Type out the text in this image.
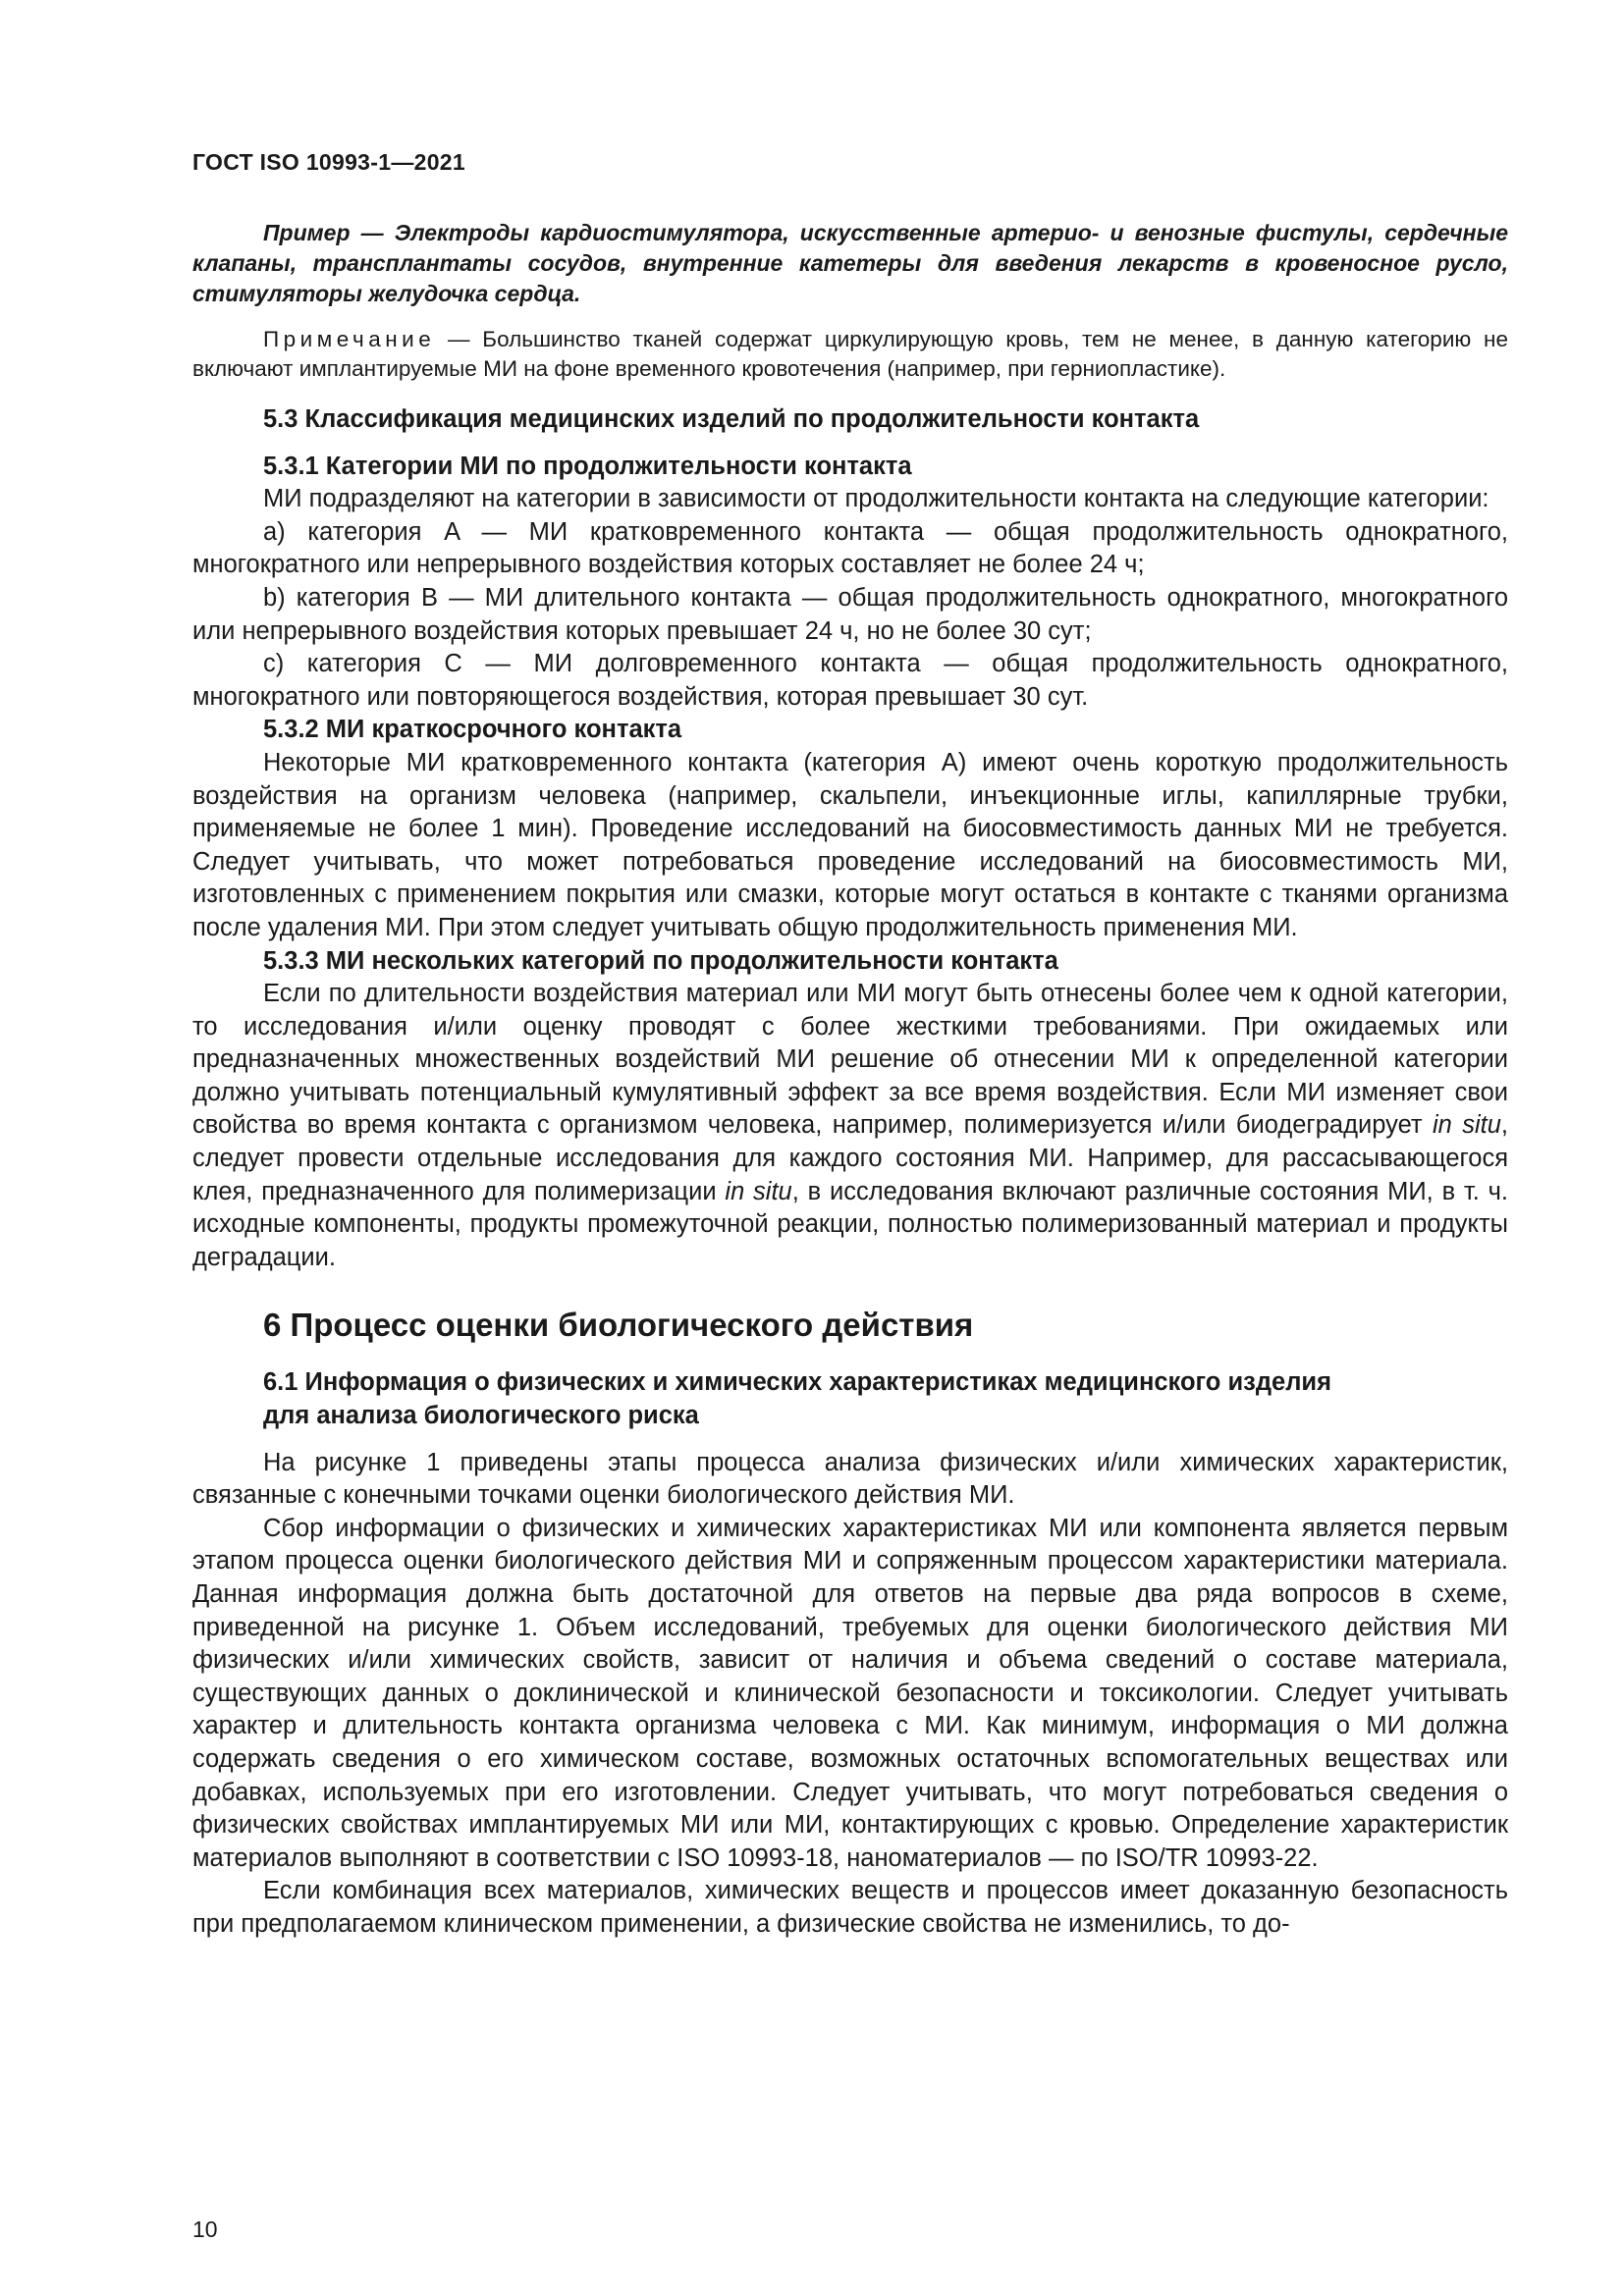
ГОСТ ISO 10993-1—2021

Пример — Электроды кардиостимулятора, искусственные артерио- и венозные фистулы, сердечные клапаны, трансплантаты сосудов, внутренние катетеры для введения лекарств в кровеносное русло, стимуляторы желудочка сердца.

Примечание — Большинство тканей содержат циркулирующую кровь, тем не менее, в данную категорию не включают имплантируемые МИ на фоне временного кровотечения (например, при герниопластике).

5.3 Классификация медицинских изделий по продолжительности контакта

5.3.1 Категории МИ по продолжительности контакта

МИ подразделяют на категории в зависимости от продолжительности контакта на следующие категории:

a) категория A — МИ кратковременного контакта — общая продолжительность однократного, многократного или непрерывного воздействия которых составляет не более 24 ч;

b) категория B — МИ длительного контакта — общая продолжительность однократного, многократного или непрерывного воздействия которых превышает 24 ч, но не более 30 сут;

c) категория C — МИ долговременного контакта — общая продолжительность однократного, многократного или повторяющегося воздействия, которая превышает 30 сут.

5.3.2 МИ краткосрочного контакта

Некоторые МИ кратковременного контакта (категория A) имеют очень короткую продолжительность воздействия на организм человека (например, скальпели, инъекционные иглы, капиллярные трубки, применяемые не более 1 мин). Проведение исследований на биосовместимость данных МИ не требуется. Следует учитывать, что может потребоваться проведение исследований на биосовместимость МИ, изготовленных с применением покрытия или смазки, которые могут остаться в контакте с тканями организма после удаления МИ. При этом следует учитывать общую продолжительность применения МИ.

5.3.3 МИ нескольких категорий по продолжительности контакта

Если по длительности воздействия материал или МИ могут быть отнесены более чем к одной категории, то исследования и/или оценку проводят с более жесткими требованиями. При ожидаемых или предназначенных множественных воздействий МИ решение об отнесении МИ к определенной категории должно учитывать потенциальный кумулятивный эффект за все время воздействия. Если МИ изменяет свои свойства во время контакта с организмом человека, например, полимеризуется и/или биодеградирует in situ, следует провести отдельные исследования для каждого состояния МИ. Например, для рассасывающегося клея, предназначенного для полимеризации in situ, в исследования включают различные состояния МИ, в т. ч. исходные компоненты, продукты промежуточной реакции, полностью полимеризованный материал и продукты деградации.

6 Процесс оценки биологического действия

6.1 Информация о физических и химических характеристиках медицинского изделия
для анализа биологического риска

На рисунке 1 приведены этапы процесса анализа физических и/или химических характеристик, связанные с конечными точками оценки биологического действия МИ.

Сбор информации о физических и химических характеристиках МИ или компонента является первым этапом процесса оценки биологического действия МИ и сопряженным процессом характеристики материала. Данная информация должна быть достаточной для ответов на первые два ряда вопросов в схеме, приведенной на рисунке 1. Объем исследований, требуемых для оценки биологического действия МИ физических и/или химических свойств, зависит от наличия и объема сведений о составе материала, существующих данных о доклинической и клинической безопасности и токсикологии. Следует учитывать характер и длительность контакта организма человека с МИ. Как минимум, информация о МИ должна содержать сведения о его химическом составе, возможных остаточных вспомогательных веществах или добавках, используемых при его изготовлении. Следует учитывать, что могут потребоваться сведения о физических свойствах имплантируемых МИ или МИ, контактирующих с кровью. Определение характеристик материалов выполняют в соответствии с ISO 10993-18, наноматериалов — по ISO/TR 10993-22.

Если комбинация всех материалов, химических веществ и процессов имеет доказанную безопасность при предполагаемом клиническом применении, а физические свойства не изменились, то до-

10
